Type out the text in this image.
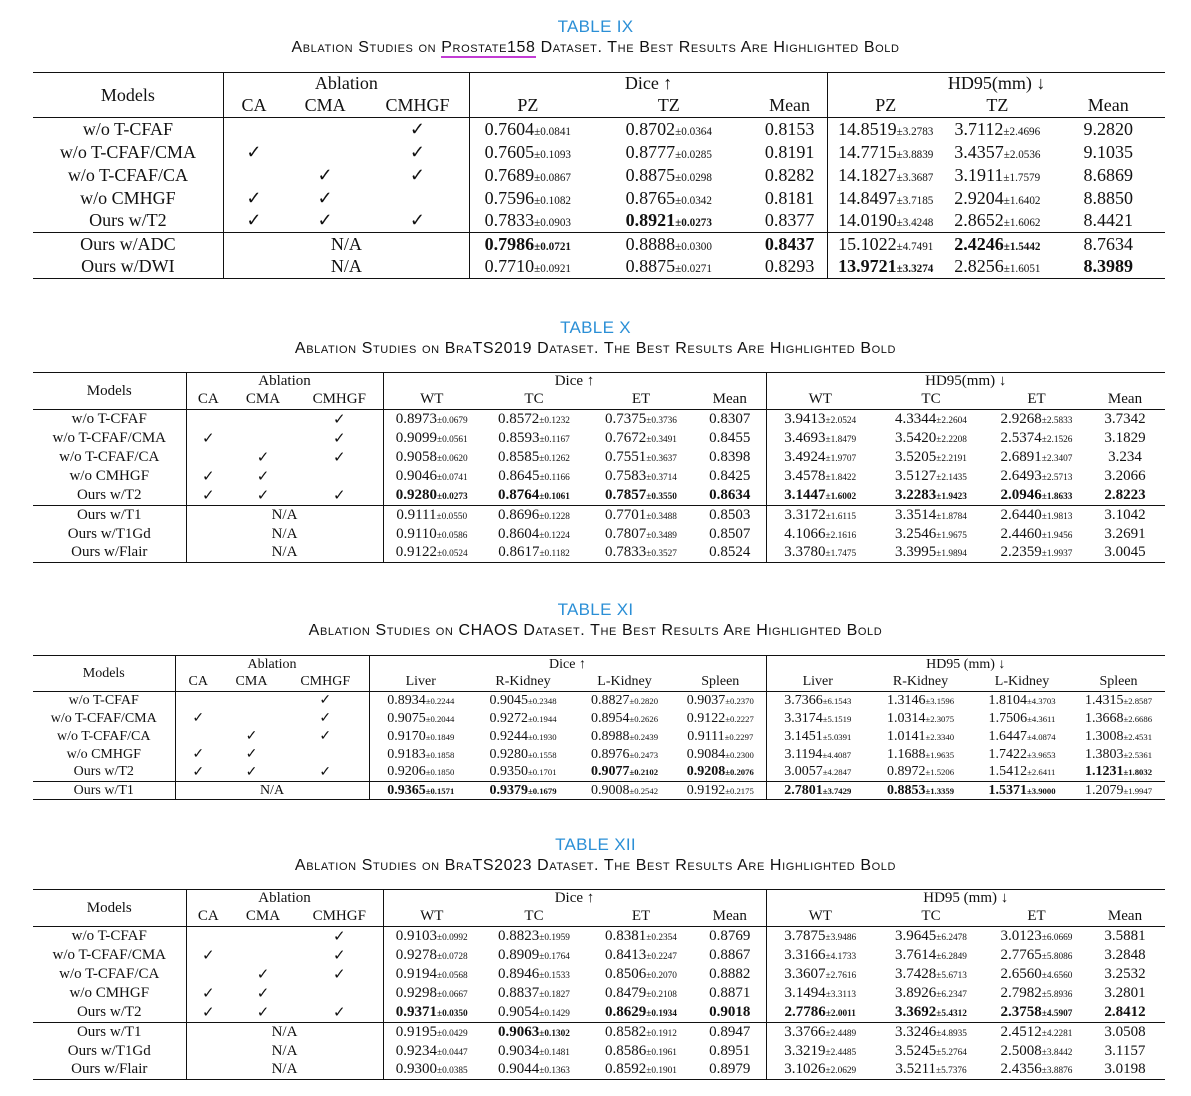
TABLE IX
Ablation Studies on Prostate158 Dataset. The Best Results Are Highlighted Bold
Models	Ablation			Dice ↑			HD95(mm) ↓		
	CA	CMA	CMHGF	PZ	TZ	Mean	PZ	TZ	Mean
w/o T-CFAF			✓	0.7604±0.0841	0.8702±0.0364	0.8153	14.8519±3.2783	3.7112±2.4696	9.2820
w/o T-CFAF/CMA	✓		✓	0.7605±0.1093	0.8777±0.0285	0.8191	14.7715±3.8839	3.4357±2.0536	9.1035
w/o T-CFAF/CA		✓	✓	0.7689±0.0867	0.8875±0.0298	0.8282	14.1827±3.3687	3.1911±1.7579	8.6869
w/o CMHGF	✓	✓		0.7596±0.1082	0.8765±0.0342	0.8181	14.8497±3.7185	2.9204±1.6402	8.8850
Ours w/T2	✓	✓	✓	0.7833±0.0903	0.8921±0.0273	0.8377	14.0190±3.4248	2.8652±1.6062	8.4421
Ours w/ADC	N/A			0.7986±0.0721	0.8888±0.0300	0.8437	15.1022±4.7491	2.4246±1.5442	8.7634
Ours w/DWI	N/A			0.7710±0.0921	0.8875±0.0271	0.8293	13.9721±3.3274	2.8256±1.6051	8.3989
TABLE X
Ablation Studies on BraTS2019 Dataset. The Best Results Are Highlighted Bold
Models	Ablation			Dice ↑				HD95(mm) ↓			
	CA	CMA	CMHGF	WT	TC	ET	Mean	WT	TC	ET	Mean
w/o T-CFAF			✓	0.8973±0.0679	0.8572±0.1232	0.7375±0.3736	0.8307	3.9413±2.0524	4.3344±2.2604	2.9268±2.5833	3.7342
w/o T-CFAF/CMA	✓		✓	0.9099±0.0561	0.8593±0.1167	0.7672±0.3491	0.8455	3.4693±1.8479	3.5420±2.2208	2.5374±2.1526	3.1829
w/o T-CFAF/CA		✓	✓	0.9058±0.0620	0.8585±0.1262	0.7551±0.3637	0.8398	3.4924±1.9707	3.5205±2.2191	2.6891±2.3407	3.234
w/o CMHGF	✓	✓		0.9046±0.0741	0.8645±0.1166	0.7583±0.3714	0.8425	3.4578±1.8422	3.5127±2.1435	2.6493±2.5713	3.2066
Ours w/T2	✓	✓	✓	0.9280±0.0273	0.8764±0.1061	0.7857±0.3550	0.8634	3.1447±1.6002	3.2283±1.9423	2.0946±1.8633	2.8223
Ours w/T1	N/A			0.9111±0.0550	0.8696±0.1228	0.7701±0.3488	0.8503	3.3172±1.6115	3.3514±1.8784	2.6440±1.9813	3.1042
Ours w/T1Gd	N/A			0.9110±0.0586	0.8604±0.1224	0.7807±0.3489	0.8507	4.1066±2.1616	3.2546±1.9675	2.4460±1.9456	3.2691
Ours w/Flair	N/A			0.9122±0.0524	0.8617±0.1182	0.7833±0.3527	0.8524	3.3780±1.7475	3.3995±1.9894	2.2359±1.9937	3.0045
TABLE XI
Ablation Studies on CHAOS Dataset. The Best Results Are Highlighted Bold
Models	Ablation			Dice ↑				HD95 (mm) ↓			
	CA	CMA	CMHGF	Liver	R-Kidney	L-Kidney	Spleen	Liver	R-Kidney	L-Kidney	Spleen
w/o T-CFAF			✓	0.8934±0.2244	0.9045±0.2348	0.8827±0.2820	0.9037±0.2370	3.7366±6.1543	1.3146±3.1596	1.8104±4.3703	1.4315±2.8587
w/o T-CFAF/CMA	✓		✓	0.9075±0.2044	0.9272±0.1944	0.8954±0.2626	0.9122±0.2227	3.3174±5.1519	1.0314±2.3075	1.7506±4.3611	1.3668±2.6686
w/o T-CFAF/CA		✓	✓	0.9170±0.1849	0.9244±0.1930	0.8988±0.2439	0.9111±0.2297	3.1451±5.0391	1.0141±2.3340	1.6447±4.0874	1.3008±2.4531
w/o CMHGF	✓	✓		0.9183±0.1858	0.9280±0.1558	0.8976±0.2473	0.9084±0.2300	3.1194±4.4087	1.1688±1.9635	1.7422±3.9653	1.3803±2.5361
Ours w/T2	✓	✓	✓	0.9206±0.1850	0.9350±0.1701	0.9077±0.2102	0.9208±0.2076	3.0057±4.2847	0.8972±1.5206	1.5412±2.6411	1.1231±1.8032
Ours w/T1	N/A			0.9365±0.1571	0.9379±0.1679	0.9008±0.2542	0.9192±0.2175	2.7801±3.7429	0.8853±1.3359	1.5371±3.9000	1.2079±1.9947
TABLE XII
Ablation Studies on BraTS2023 Dataset. The Best Results Are Highlighted Bold
Models	Ablation			Dice ↑				HD95 (mm) ↓			
	CA	CMA	CMHGF	WT	TC	ET	Mean	WT	TC	ET	Mean
w/o T-CFAF			✓	0.9103±0.0992	0.8823±0.1959	0.8381±0.2354	0.8769	3.7875±3.9486	3.9645±6.2478	3.0123±6.0669	3.5881
w/o T-CFAF/CMA	✓		✓	0.9278±0.0728	0.8909±0.1764	0.8413±0.2247	0.8867	3.3166±4.1733	3.7614±6.2849	2.7765±5.8086	3.2848
w/o T-CFAF/CA		✓	✓	0.9194±0.0568	0.8946±0.1533	0.8506±0.2070	0.8882	3.3607±2.7616	3.7428±5.6713	2.6560±4.6560	3.2532
w/o CMHGF	✓	✓		0.9298±0.0667	0.8837±0.1827	0.8479±0.2108	0.8871	3.1494±3.3113	3.8926±6.2347	2.7982±5.8936	3.2801
Ours w/T2	✓	✓	✓	0.9371±0.0350	0.9054±0.1429	0.8629±0.1934	0.9018	2.7786±2.0011	3.3692±5.4312	2.3758±4.5907	2.8412
Ours w/T1	N/A			0.9195±0.0429	0.9063±0.1302	0.8582±0.1912	0.8947	3.3766±2.4489	3.3246±4.8935	2.4512±4.2281	3.0508
Ours w/T1Gd	N/A			0.9234±0.0447	0.9034±0.1481	0.8586±0.1961	0.8951	3.3219±2.4485	3.5245±5.2764	2.5008±3.8442	3.1157
Ours w/Flair	N/A			0.9300±0.0385	0.9044±0.1363	0.8592±0.1901	0.8979	3.1026±2.0629	3.5211±5.7376	2.4356±3.8876	3.0198
